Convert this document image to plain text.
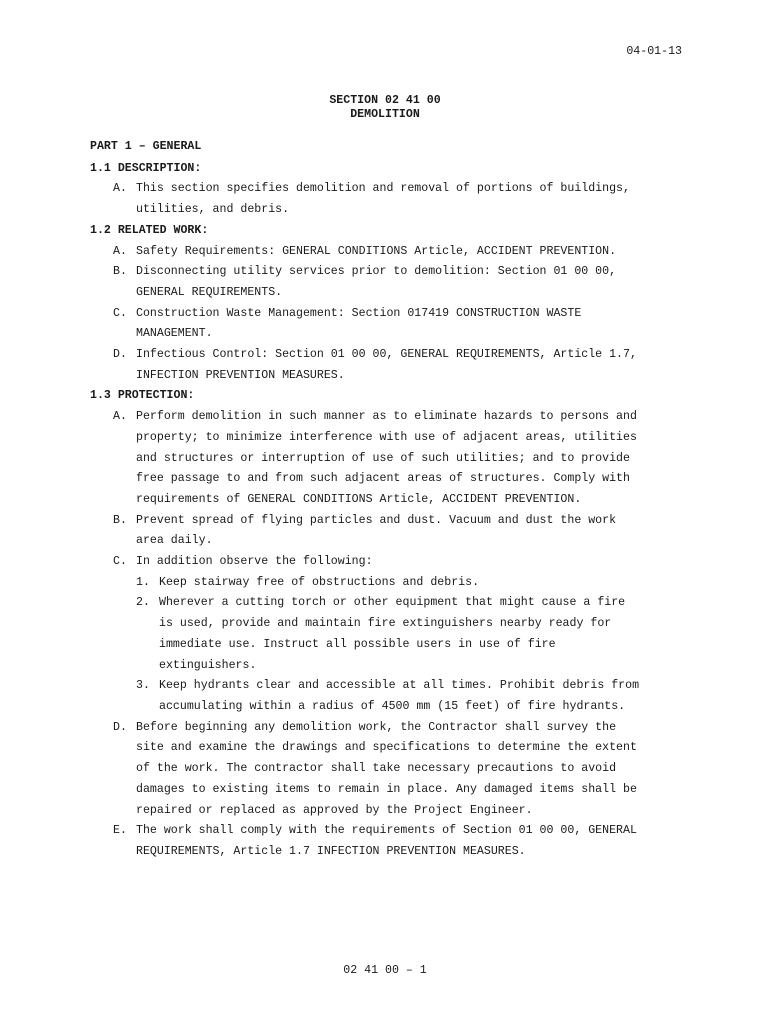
04-01-13
SECTION 02 41 00
DEMOLITION
PART 1 – GENERAL
1.1 DESCRIPTION:
A. This section specifies demolition and removal of portions of buildings,
utilities, and debris.
1.2 RELATED WORK:
A. Safety Requirements: GENERAL CONDITIONS Article, ACCIDENT PREVENTION.
B. Disconnecting utility services prior to demolition: Section 01 00 00,
GENERAL REQUIREMENTS.
C. Construction Waste Management: Section 017419 CONSTRUCTION WASTE
MANAGEMENT.
D. Infectious Control: Section 01 00 00, GENERAL REQUIREMENTS, Article 1.7,
INFECTION PREVENTION MEASURES.
1.3 PROTECTION:
A. Perform demolition in such manner as to eliminate hazards to persons and
property; to minimize interference with use of adjacent areas, utilities
and structures or interruption of use of such utilities; and to provide
free passage to and from such adjacent areas of structures. Comply with
requirements of GENERAL CONDITIONS Article, ACCIDENT PREVENTION.
B. Prevent spread of flying particles and dust. Vacuum and dust the work
area daily.
C. In addition observe the following:
1. Keep stairway free of obstructions and debris.
2. Wherever a cutting torch or other equipment that might cause a fire
is used, provide and maintain fire extinguishers nearby ready for
immediate use. Instruct all possible users in use of fire
extinguishers.
3. Keep hydrants clear and accessible at all times. Prohibit debris from
accumulating within a radius of 4500 mm (15 feet) of fire hydrants.
D. Before beginning any demolition work, the Contractor shall survey the
site and examine the drawings and specifications to determine the extent
of the work. The contractor shall take necessary precautions to avoid
damages to existing items to remain in place. Any damaged items shall be
repaired or replaced as approved by the Project Engineer.
E. The work shall comply with the requirements of Section 01 00 00, GENERAL
REQUIREMENTS, Article 1.7 INFECTION PREVENTION MEASURES.
02 41 00 – 1
